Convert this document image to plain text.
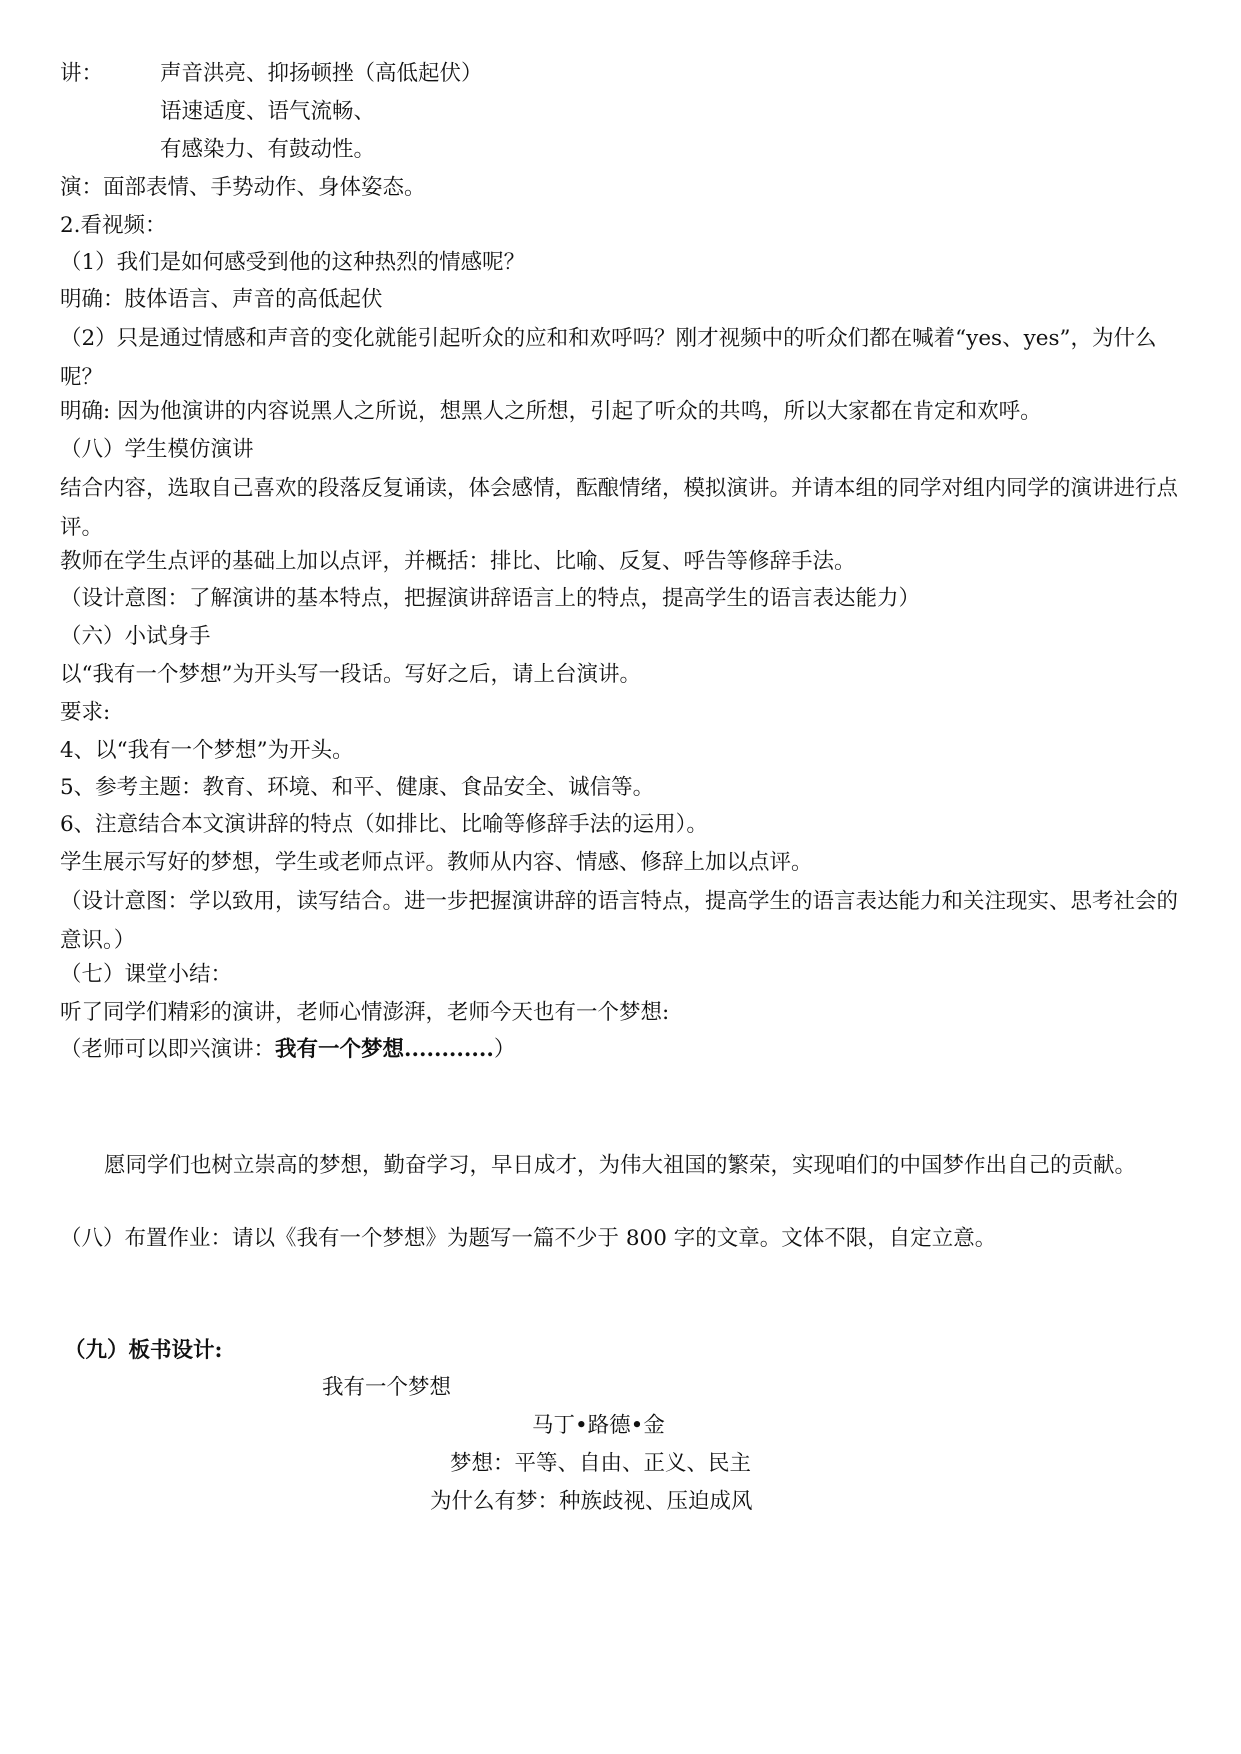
讲：	声音洪亮、抑扬顿挫（高低起伏）
语速适度、语气流畅、
有感染力、有鼓动性。
演：面部表情、手势动作、身体姿态。
2.看视频：
（1）我们是如何感受到他的这种热烈的情感呢？
明确：肢体语言、声音的高低起伏
（2）只是通过情感和声音的变化就能引起听众的应和和欢呼吗？刚才视频中的听众们都在喊着“yes、yes”，为什么呢？
明确: 因为他演讲的内容说黑人之所说，想黑人之所想，引起了听众的共鸣，所以大家都在肯定和欢呼。
（八）学生模仿演讲
结合内容，选取自己喜欢的段落反复诵读，体会感情，酝酿情绪，模拟演讲。并请本组的同学对组内同学的演讲进行点评。
教师在学生点评的基础上加以点评，并概括：排比、比喻、反复、呼告等修辞手法。
（设计意图：了解演讲的基本特点，把握演讲辞语言上的特点，提高学生的语言表达能力）
（六）小试身手
以“我有一个梦想”为开头写一段话。写好之后，请上台演讲。
要求:
4、以“我有一个梦想”为开头。
5、参考主题：教育、环境、和平、健康、食品安全、诚信等。
6、注意结合本文演讲辞的特点（如排比、比喻等修辞手法的运用）。
学生展示写好的梦想，学生或老师点评。教师从内容、情感、修辞上加以点评。
（设计意图：学以致用，读写结合。进一步把握演讲辞的语言特点，提高学生的语言表达能力和关注现实、思考社会的意识。）
（七）课堂小结：
听了同学们精彩的演讲，老师心情澎湃，老师今天也有一个梦想:
（老师可以即兴演讲：我有一个梦想............）
愿同学们也树立崇高的梦想，勤奋学习，早日成才，为伟大祖国的繁荣，实现咱们的中国梦作出自己的贡献。
（八）布置作业：请以《我有一个梦想》为题写一篇不少于 800 字的文章。文体不限，自定立意。
（九）板书设计:
我有一个梦想
马丁•路德•金
梦想：平等、自由、正义、民主
为什么有梦：种族歧视、压迫成风
